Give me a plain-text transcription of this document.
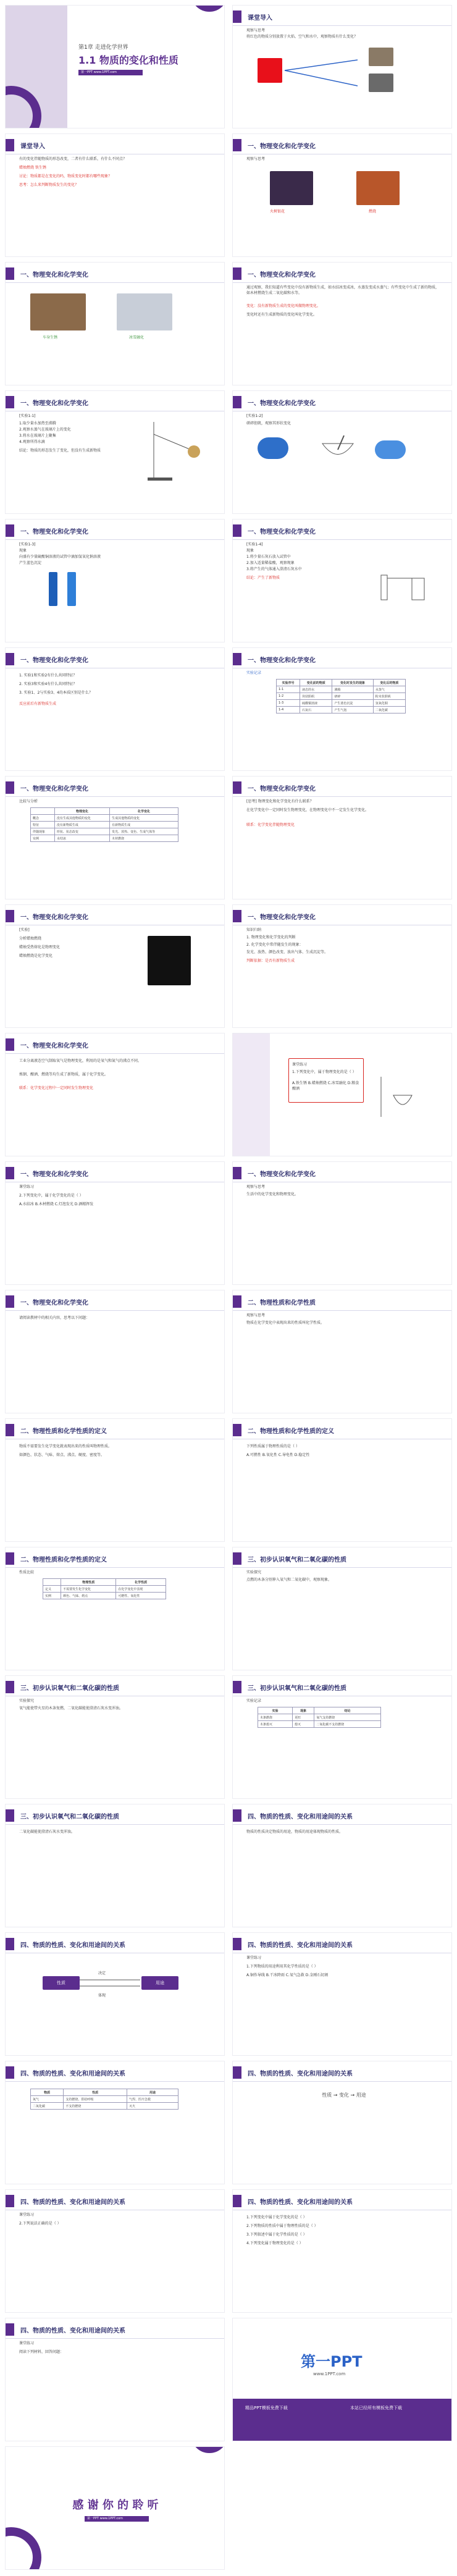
第1章 走进化学世界
1.1 物质的变化和性质
第一PPT www.1PPT.com
课堂导入
观察与思考
将红色的物质分别放置于火焰、空气和水中，观察物质有什么变化？
课堂导入
有的变化伴随物质的形态改变，二者有什么联系，有什么不同点？
蜡烛燃烧 铁生锈
讨论：物质都是在变化的吗，物质变化时都有哪些现象？
思考：怎么来判断物质发生的变化？
一、物理变化和化学变化
观察与思考
火树银花	燃烧
一、物理变化和化学变化
车身生锈	冰雪融化
一、物理变化和化学变化
通过观察，我们知道有些变化中没有新物质生成，如水结冰变成冰，水蒸发变成水蒸气；有些变化中生成了新的物质，如木材燃烧生成二氧化碳和水等。
变化：没有新物质生成的变化叫做物理变化。
变化时还有生成新物质的变化叫化学变化。
一、物理变化和化学变化
[实验1-1]
1.取少量水加热至沸腾
2.观察水蒸气在玻璃片上的变化
3.将水在玻璃片上聚集
4.观察所得水滴
结论：物质的形态发生了变化，但没有生成新物质
一、物理变化和化学变化
[实验1-2]
研碎胆矾，观察其形状变化
一、物理变化和化学变化
[实验1-3]
现象
向盛有少量硫酸铜溶液的试管中滴加氢氧化钠溶液
产生蓝色沉淀
一、物理变化和化学变化
[实验1-4]
现象
1.将少量石灰石放入试管中
2.加入适量稀盐酸，观察现象
3.将产生的气体通入澄清石灰水中
结论：产生了新物质
一、物理变化和化学变化
1. 实验1和实验2有什么共同特征？
2. 实验3和实验4有什么共同特征？
3. 实验1、2与实验3、4的本质区别是什么？
反应前后有新物质生成
一、物理变化和化学变化
实验记录
实验序号	变化前的物质	变化时发生的现象	变化后的物质
1-1	液态的水	沸腾	水蒸气
1-2	块状胆矾	研碎	粉末状胆矾
1-3	硫酸铜溶液	产生蓝色沉淀	氢氧化铜
1-4	石灰石	产生气泡	二氧化碳
一、物理变化和化学变化
比较与分析
	物理变化	化学变化
概念	没有生成其他物质的变化	生成其他物质的变化
特征	没有新物质生成	有新物质生成
伴随现象	形状、状态改变	发光、放热、变色、生成气体等
实例	水结冰	木材燃烧
一、物理变化和化学变化
[思考] 物理变化和化学变化有什么联系？
在化学变化中一定同时发生物理变化，在物理变化中不一定发生化学变化。
联系：化学变化伴随物理变化
一、物理变化和化学变化
[实验]
分析蜡烛燃烧
蜡烛受热熔化是物理变化
蜡烛燃烧是化学变化
一、物理变化和化学变化
知识归纳
1. 物理变化和化学变化的判断
2. 化学变化中常伴随发生的现象：
发光、放热、颜色改变、放出气体、生成沉淀等。
判断依据：是否有新物质生成
一、物理变化和化学变化
工业分离液态空气制取氧气是物理变化，利用的是氧气和氮气的沸点不同。
炼钢、酿酒、燃烧等均生成了新物质，属于化学变化。
联系：化学变化过程中一定同时发生物理变化
课堂练习
1.下列变化中，属于物理变化的是（ ）
A.铁生锈 B.蜡烛燃烧 C.冰雪融化 D.粮食酿酒
一、物理变化和化学变化
课堂练习
2.下列变化中，属于化学变化的是（ ）
A.水结冰 B.木材燃烧 C.灯泡发光 D.酒精挥发
一、物理变化和化学变化
观察与思考
生活中的化学变化和物理变化。
一、物理变化和化学变化
请阅读教材中的相关内容，思考以下问题：
二、物理性质和化学性质
观察与思考
物质在化学变化中表现出来的性质叫化学性质。
二、物理性质和化学性质的定义
物质不需要发生化学变化就表现出来的性质叫物理性质。
如颜色、状态、气味、熔点、沸点、硬度、密度等。
二、物理性质和化学性质的定义
下列性质属于物理性质的是（ ）
A.可燃性 B.氧化性 C.导电性 D.稳定性
二、物理性质和化学性质的定义
性质比较
	物理性质	化学性质
定义	不需要发生化学变化	在化学变化中表现
实例	颜色、气味、熔点	可燃性、氧化性
三、初步认识氧气和二氧化碳的性质
实验探究
点燃的木条分别伸入氧气和二氧化碳中，观察现象。
三、初步认识氧气和二氧化碳的性质
实验探究
氧气能使带火星的木条复燃，二氧化碳能使澄清石灰水变浑浊。
三、初步认识氧气和二氧化碳的性质
实验记录
实验	现象	结论
木条燃烧	更旺	氧气支持燃烧
木条熄灭	熄灭	二氧化碳不支持燃烧
三、初步认识氧气和二氧化碳的性质
二氧化碳能使澄清石灰水变浑浊。
四、物质的性质、变化和用途间的关系
物质的性质决定物质的用途，物质的用途体现物质的性质。
四、物质的性质、变化和用途间的关系
性质	用途
决定
体现
四、物质的性质、变化和用途间的关系
课堂练习
1.下列物质的用途利用其化学性质的是（ ）
A.铜作导线 B.干冰降雨 C.氧气急救 D.金刚石切割
四、物质的性质、变化和用途间的关系
物质	性质	用途
氧气	支持燃烧、供给呼吸	气焊、医疗急救
二氧化碳	不支持燃烧	灭火
四、物质的性质、变化和用途间的关系
性质 → 变化 → 用途
四、物质的性质、变化和用途间的关系
课堂练习
2.下列说法正确的是（ ）
四、物质的性质、变化和用途间的关系
1.下列变化中属于化学变化的是（ ）
2.下列物质的性质中属于物理性质的是（ ）
3.下列叙述中属于化学性质的是（ ）
4.下列变化属于物理变化的是（ ）
四、物质的性质、变化和用途间的关系
课堂练习
阅读下列材料，回答问题：
第一PPT
www.1PPT.com
精品PPT模板免费下载	本站已经所有模板免费下载
感 谢 你 的 聆 听
第一PPT www.1PPT.com
